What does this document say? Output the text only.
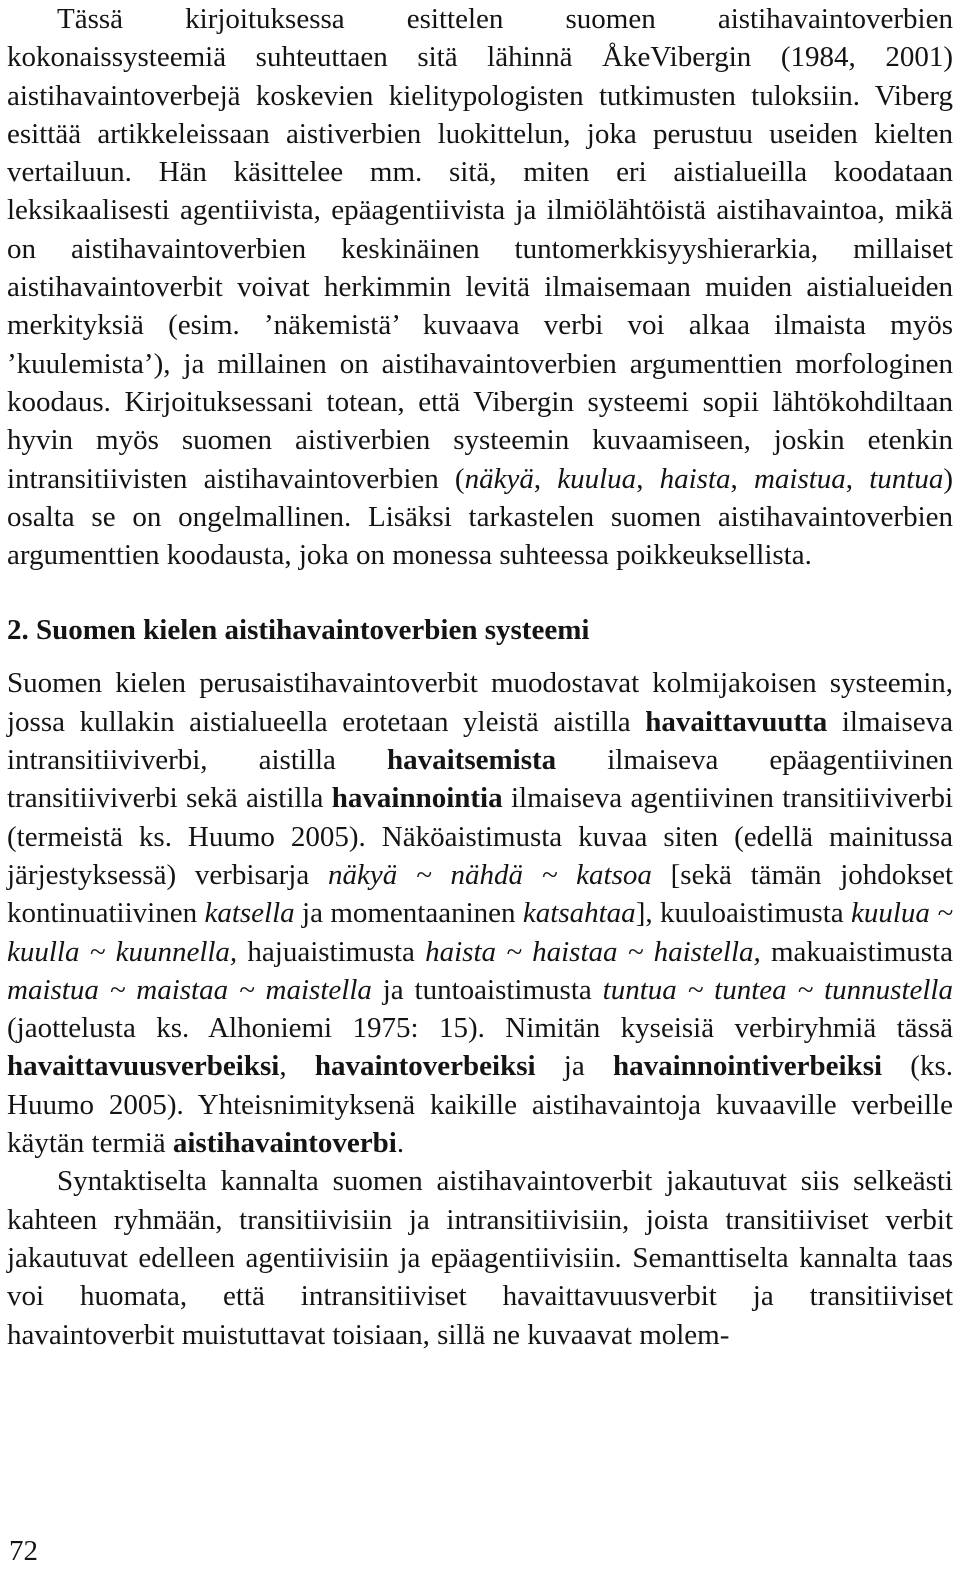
Tässä kirjoituksessa esittelen suomen aistihavaintoverbien kokonaissysteemiä suhteuttaen sitä lähinnä ÅkeVibergin (1984, 2001) aistihavaintoverbejä koskevien kielitypologisten tutkimusten tuloksiin. Viberg esittää artikkeleissaan aistiverbien luokittelun, joka perustuu useiden kielten vertailuun. Hän käsittelee mm. sitä, miten eri aistialueilla koodataan leksikaalisesti agentiivista, epäagentiivista ja ilmiölähtöistä aistihavaintoa, mikä on aistihavaintoverbien keskinäinen tuntomerkkisyyshierarkia, millaiset aistihavaintoverbit voivat herkimmin levitä ilmaisemaan muiden aistialueiden merkityksiä (esim. ’näkemistä’ kuvaava verbi voi alkaa ilmaista myös ’kuulemista’), ja millainen on aistihavaintoverbien argumenttien morfologinen koodaus. Kirjoituksessani totean, että Vibergin systeemi sopii lähtökohdiltaan hyvin myös suomen aistiverbien systeemin kuvaamiseen, joskin etenkin intransitiivisten aistihavaintoverbien (näkyä, kuulua, haista, maistua, tuntua) osalta se on ongelmallinen. Lisäksi tarkastelen suomen aistihavaintoverbien argumenttien koodausta, joka on monessa suhteessa poikkeuksellista.

2. Suomen kielen aistihavaintoverbien systeemi

Suomen kielen perusaistihavaintoverbit muodostavat kolmijakoisen systeemin, jossa kullakin aistialueella erotetaan yleistä aistilla havaittavuutta ilmaiseva intransitiiviverbi, aistilla havaitsemista ilmaiseva epäagentiivinen transitiiviverbi sekä aistilla havainnointia ilmaiseva agentiivinen transitiiviverbi (termeistä ks. Huumo 2005). Näköaistimusta kuvaa siten (edellä mainitussa järjestyksessä) verbisarja näkyä ~ nähdä ~ katsoa [sekä tämän johdokset kontinuatiivinen katsella ja momentaaninen katsahtaa], kuuloaistimusta kuulua ~ kuulla ~ kuunnella, hajuaistimusta haista ~ haistaa ~ haistella, makuaistimusta maistua ~ maistaa ~ maistella ja tuntoaistimusta tuntua ~ tuntea ~ tunnustella (jaottelusta ks. Alhoniemi 1975: 15). Nimitän kyseisiä verbiryhmiä tässä havaittavuusverbeiksi, havaintoverbeiksi ja havainnointiverbeiksi (ks. Huumo 2005). Yhteisnimityksenä kaikille aistihavaintoja kuvaaville verbeille käytän termiä aistihavaintoverbi.

Syntaktiselta kannalta suomen aistihavaintoverbit jakautuvat siis selkeästi kahteen ryhmään, transitiivisiin ja intransitiivisiin, joista transitiiviset verbit jakautuvat edelleen agentiivisiin ja epäagentiivisiin. Semanttiselta kannalta taas voi huomata, että intransitiiviset havaittavuusverbit ja transitiiviset havaintoverbit muistuttavat toisiaan, sillä ne kuvaavat molem-

72
